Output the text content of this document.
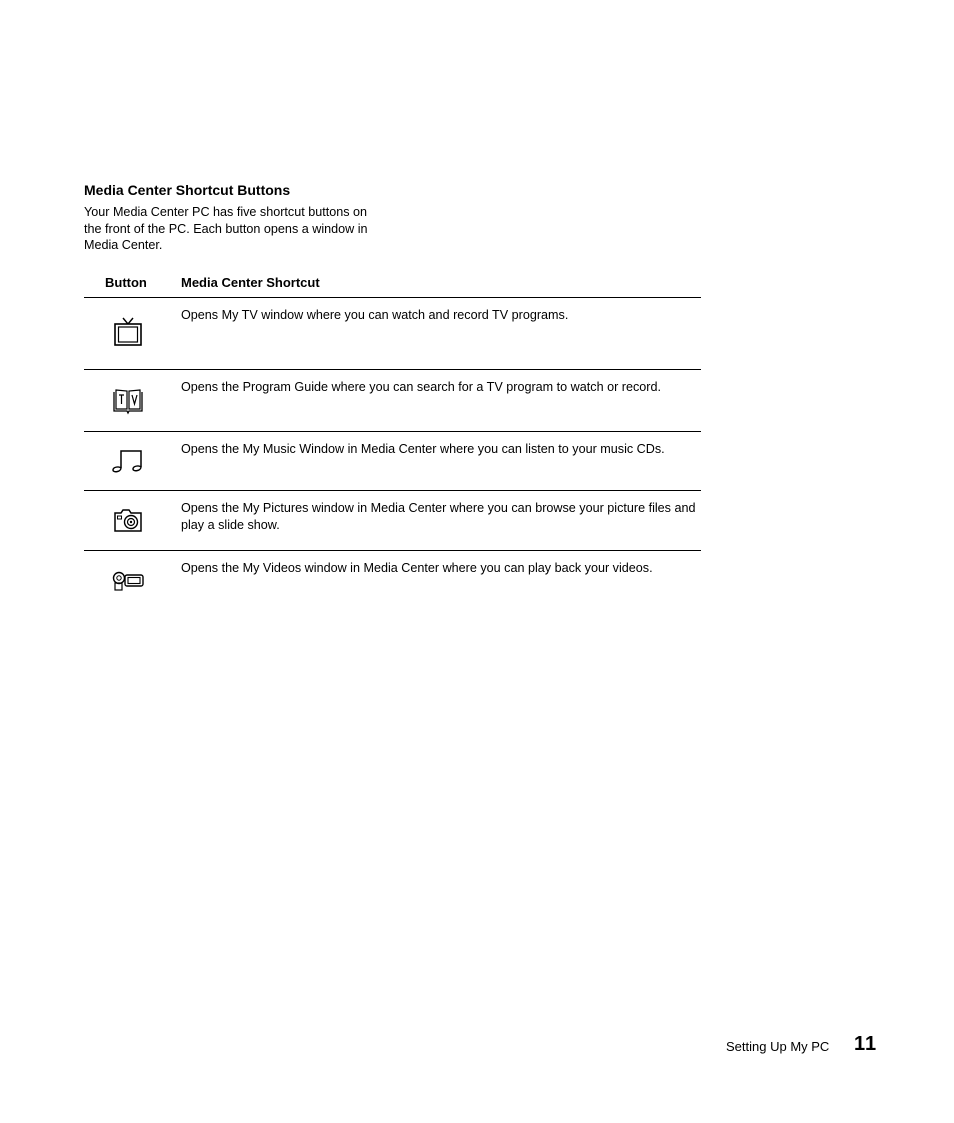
Media Center Shortcut Buttons

Your Media Center PC has five shortcut buttons on the front of the PC. Each button opens a window in Media Center.

Button	Media Center Shortcut
Opens My TV window where you can watch and record TV programs.
Opens the Program Guide where you can search for a TV program to watch or record.
Opens the My Music Window in Media Center where you can listen to your music CDs.
Opens the My Pictures window in Media Center where you can browse your picture files and play a slide show.
Opens the My Videos window in Media Center where you can play back your videos.
Setting Up My PC 11
